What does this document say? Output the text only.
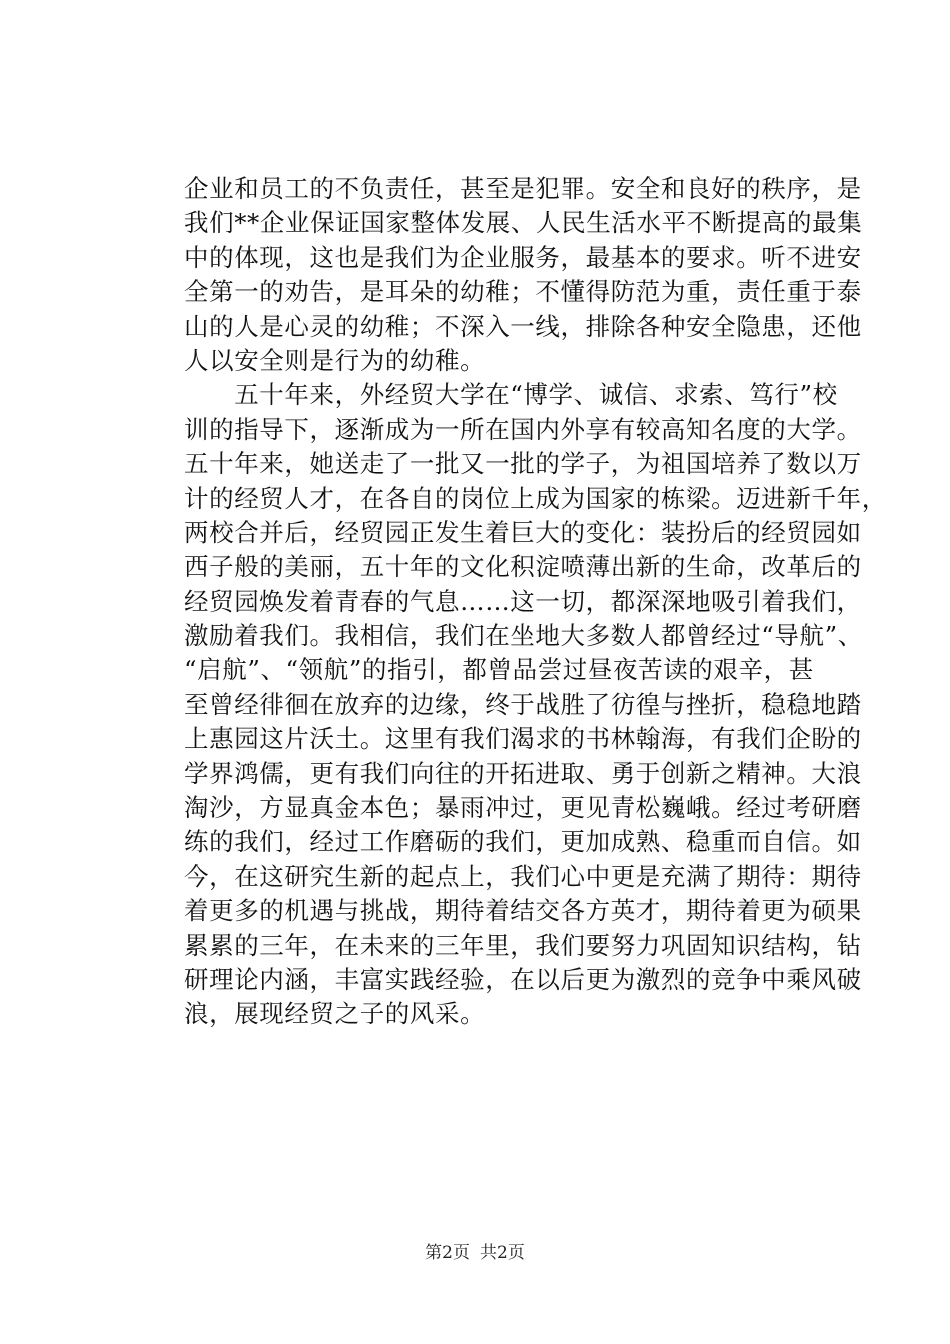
企业和员工的不负责任，甚至是犯罪。安全和良好的秩序，是
我们**企业保证国家整体发展、人民生活水平不断提高的最集
中的体现，这也是我们为企业服务，最基本的要求。听不进安
全第一的劝告，是耳朵的幼稚；不懂得防范为重，责任重于泰
山的人是心灵的幼稚；不深入一线，排除各种安全隐患，还他
人以安全则是行为的幼稚。
　　五十年来，外经贸大学在“博学、诚信、求索、笃行”校
训的指导下，逐渐成为一所在国内外享有较高知名度的大学。
五十年来，她送走了一批又一批的学子，为祖国培养了数以万
计的经贸人才，在各自的岗位上成为国家的栋梁。迈进新千年，
两校合并后，经贸园正发生着巨大的变化：装扮后的经贸园如
西子般的美丽，五十年的文化积淀喷薄出新的生命，改革后的
经贸园焕发着青春的气息……这一切，都深深地吸引着我们，
激励着我们。我相信，我们在坐地大多数人都曾经过“导航”、
“启航”、“领航”的指引，都曾品尝过昼夜苦读的艰辛，甚
至曾经徘徊在放弃的边缘，终于战胜了彷徨与挫折，稳稳地踏
上惠园这片沃土。这里有我们渴求的书林翰海，有我们企盼的
学界鸿儒，更有我们向往的开拓进取、勇于创新之精神。大浪
淘沙，方显真金本色；暴雨冲过，更见青松巍峨。经过考研磨
练的我们，经过工作磨砺的我们，更加成熟、稳重而自信。如
今，在这研究生新的起点上，我们心中更是充满了期待：期待
着更多的机遇与挑战，期待着结交各方英才，期待着更为硕果
累累的三年，在未来的三年里，我们要努力巩固知识结构，钻
研理论内涵，丰富实践经验，在以后更为激烈的竞争中乘风破
浪，展现经贸之子的风采。
第2页 共2页
